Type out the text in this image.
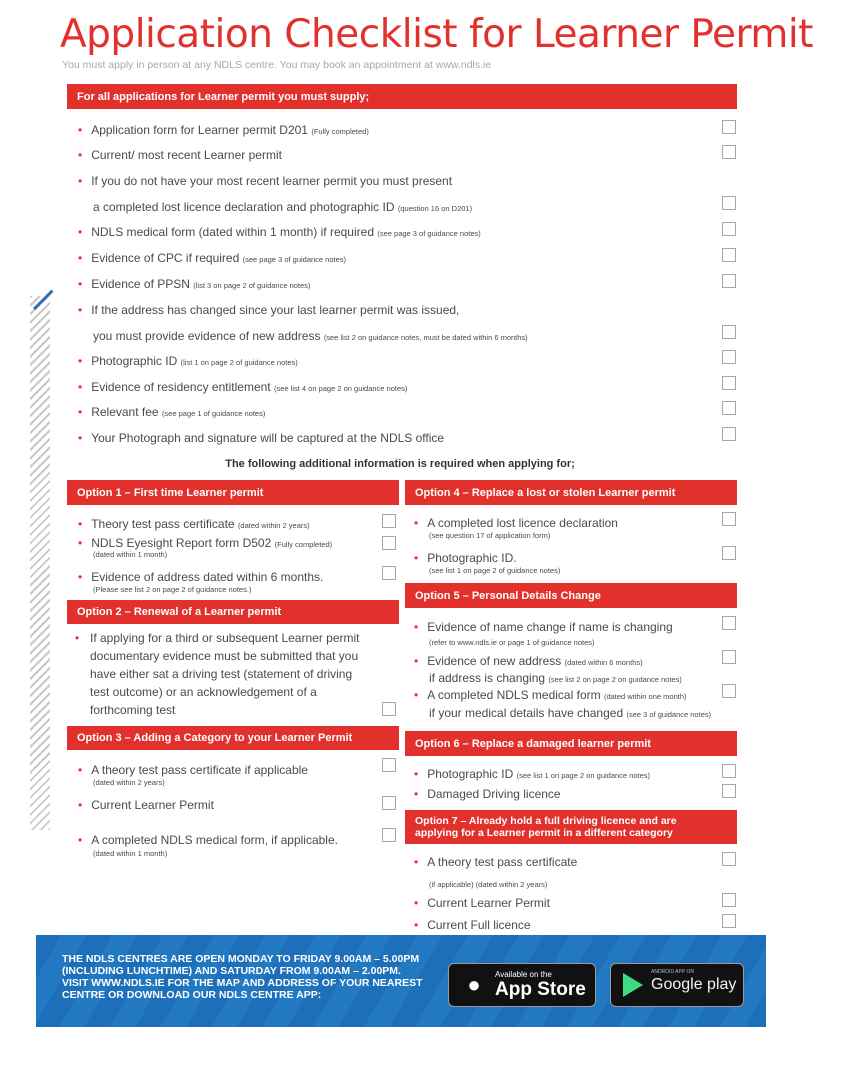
Application Checklist for Learner Permit
You must apply in person at any NDLS centre. You may book an appointment at www.ndls.ie
For all applications for Learner permit you must supply;
• Application form for Learner permit D201 (Fully completed)
• Current/ most recent Learner permit
• If you do not have your most recent learner permit you must present
a completed lost licence declaration and photographic ID (question 16 on D201)
• NDLS medical form (dated within 1 month) if required (see page 3 of guidance notes)
• Evidence of CPC if required (see page 3 of guidance notes)
• Evidence of PPSN (list 3 on page 2 of guidance notes)
• If the address has changed since your last learner permit was issued,
you must provide evidence of new address (see list 2 on guidance notes, must be dated within 6 months)
• Photographic ID (list 1 on page 2 of guidance notes)
• Evidence of residency entitlement (see list 4 on page 2 on guidance notes)
• Relevant fee (see page 1 of guidance notes)
• Your Photograph and signature will be captured at the NDLS office
The following additional information is required when applying for;
Option 1 – First time Learner permit
• Theory test pass certificate (dated within 2 years)
• NDLS Eyesight Report form D502 (Fully completed)
(dated within 1 month)
• Evidence of address dated within 6 months.
(Please see list 2 on page 2 of guidance notes.)
Option 2 – Renewal of a Learner permit
• If applying for a third or subsequent Learner permit
documentary evidence must be submitted that you
have either sat a driving test (statement of driving
test outcome) or an acknowledgement of a
forthcoming test
Option 3 – Adding a Category to your Learner Permit
• A theory test pass certificate if applicable
(dated within 2 years)
• Current Learner Permit
• A completed NDLS medical form, if applicable.
(dated within 1 month)
Option 4 – Replace a lost or stolen Learner permit
• A completed lost licence declaration
(see question 17 of application form)
• Photographic ID.
(see list 1 on page 2 of guidance notes)
Option 5 – Personal Details Change
• Evidence of name change if name is changing
(refer to www.ndls.ie or page 1 of guidance notes)
• Evidence of new address (dated within 6 months)
if address is changing (see list 2 on page 2 on guidance notes)
• A completed NDLS medical form (dated within one month)
if your medical details have changed (see 3 of guidance notes)
Option 6 – Replace a damaged learner permit
• Photographic ID (see list 1 on page 2 on guidance notes)
• Damaged Driving licence
Option 7 – Already hold a full driving licence and are
applying for a Learner permit in a different category
• A theory test pass certificate
(if applicable) (dated within 2 years)
• Current Learner Permit
• Current Full licence
THE NDLS CENTRES ARE OPEN MONDAY TO FRIDAY 9.00AM – 5.00PM
(INCLUDING LUNCHTIME) AND SATURDAY FROM 9.00AM – 2.00PM.
VISIT WWW.NDLS.IE FOR THE MAP AND ADDRESS OF YOUR NEAREST
CENTRE OR DOWNLOAD OUR NDLS CENTRE APP:	●	Available on the
App Store
ANDROID APP ON
Google play
